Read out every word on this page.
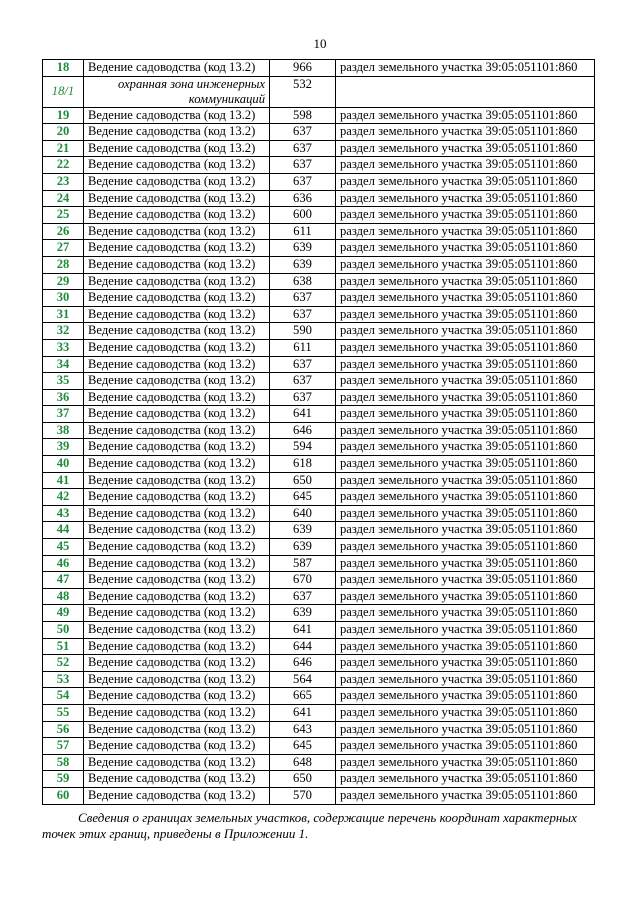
10
18	Ведение садоводства (код 13.2)	966	раздел земельного участка 39:05:051101:860
18/1	охранная зона инженерных коммуникаций	532	
19	Ведение садоводства (код 13.2)	598	раздел земельного участка 39:05:051101:860
20	Ведение садоводства (код 13.2)	637	раздел земельного участка 39:05:051101:860
21	Ведение садоводства (код 13.2)	637	раздел земельного участка 39:05:051101:860
22	Ведение садоводства (код 13.2)	637	раздел земельного участка 39:05:051101:860
23	Ведение садоводства (код 13.2)	637	раздел земельного участка 39:05:051101:860
24	Ведение садоводства (код 13.2)	636	раздел земельного участка 39:05:051101:860
25	Ведение садоводства (код 13.2)	600	раздел земельного участка 39:05:051101:860
26	Ведение садоводства (код 13.2)	611	раздел земельного участка 39:05:051101:860
27	Ведение садоводства (код 13.2)	639	раздел земельного участка 39:05:051101:860
28	Ведение садоводства (код 13.2)	639	раздел земельного участка 39:05:051101:860
29	Ведение садоводства (код 13.2)	638	раздел земельного участка 39:05:051101:860
30	Ведение садоводства (код 13.2)	637	раздел земельного участка 39:05:051101:860
31	Ведение садоводства (код 13.2)	637	раздел земельного участка 39:05:051101:860
32	Ведение садоводства (код 13.2)	590	раздел земельного участка 39:05:051101:860
33	Ведение садоводства (код 13.2)	611	раздел земельного участка 39:05:051101:860
34	Ведение садоводства (код 13.2)	637	раздел земельного участка 39:05:051101:860
35	Ведение садоводства (код 13.2)	637	раздел земельного участка 39:05:051101:860
36	Ведение садоводства (код 13.2)	637	раздел земельного участка 39:05:051101:860
37	Ведение садоводства (код 13.2)	641	раздел земельного участка 39:05:051101:860
38	Ведение садоводства (код 13.2)	646	раздел земельного участка 39:05:051101:860
39	Ведение садоводства (код 13.2)	594	раздел земельного участка 39:05:051101:860
40	Ведение садоводства (код 13.2)	618	раздел земельного участка 39:05:051101:860
41	Ведение садоводства (код 13.2)	650	раздел земельного участка 39:05:051101:860
42	Ведение садоводства (код 13.2)	645	раздел земельного участка 39:05:051101:860
43	Ведение садоводства (код 13.2)	640	раздел земельного участка 39:05:051101:860
44	Ведение садоводства (код 13.2)	639	раздел земельного участка 39:05:051101:860
45	Ведение садоводства (код 13.2)	639	раздел земельного участка 39:05:051101:860
46	Ведение садоводства (код 13.2)	587	раздел земельного участка 39:05:051101:860
47	Ведение садоводства (код 13.2)	670	раздел земельного участка 39:05:051101:860
48	Ведение садоводства (код 13.2)	637	раздел земельного участка 39:05:051101:860
49	Ведение садоводства (код 13.2)	639	раздел земельного участка 39:05:051101:860
50	Ведение садоводства (код 13.2)	641	раздел земельного участка 39:05:051101:860
51	Ведение садоводства (код 13.2)	644	раздел земельного участка 39:05:051101:860
52	Ведение садоводства (код 13.2)	646	раздел земельного участка 39:05:051101:860
53	Ведение садоводства (код 13.2)	564	раздел земельного участка 39:05:051101:860
54	Ведение садоводства (код 13.2)	665	раздел земельного участка 39:05:051101:860
55	Ведение садоводства (код 13.2)	641	раздел земельного участка 39:05:051101:860
56	Ведение садоводства (код 13.2)	643	раздел земельного участка 39:05:051101:860
57	Ведение садоводства (код 13.2)	645	раздел земельного участка 39:05:051101:860
58	Ведение садоводства (код 13.2)	648	раздел земельного участка 39:05:051101:860
59	Ведение садоводства (код 13.2)	650	раздел земельного участка 39:05:051101:860
60	Ведение садоводства (код 13.2)	570	раздел земельного участка 39:05:051101:860
Сведения о границах земельных участков, содержащие перечень координат характерных точек этих границ, приведены в Приложении 1.
